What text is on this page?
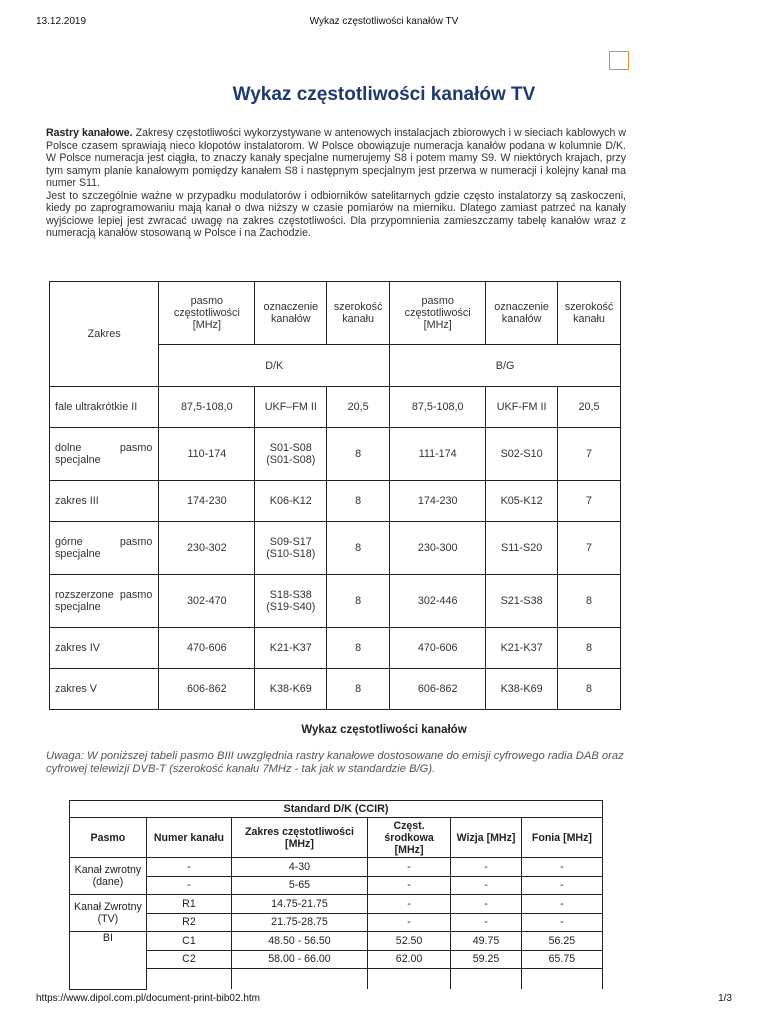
13.12.2019	Wykaz częstotliwości kanałów TV
Wykaz częstotliwości kanałów TV

Rastry kanałowe. Zakresy częstotliwości wykorzystywane w antenowych instalacjach zbiorowych i w sieciach kablowych w Polsce czasem sprawiają nieco kłopotów instalatorom. W Polsce obowiązuje numeracja kanałów podana w kolumnie D/K. W Polsce numeracja jest ciągła, to znaczy kanały specjalne numerujemy S8 i potem mamy S9. W niektórych krajach, przy tym samym planie kanałowym pomiędzy kanałem S8 i następnym specjalnym jest przerwa w numeracji i kolejny kanał ma numer S11.

Jest to szczególnie ważne w przypadku modulatorów i odbiorników satelitarnych gdzie często instalatorzy są zaskoczeni, kiedy po zaprogramowaniu mają kanał o dwa niższy w czasie pomiarów na mierniku. Dlatego zamiast patrzeć na kanały wyjściowe lepiej jest zwracać uwagę na zakres częstotliwości. Dla przypomnienia zamieszczamy tabelę kanałów wraz z numeracją kanałów stosowaną w Polsce i na Zachodzie.

Zakres	pasmo częstotliwości [MHz]	oznaczenie kanałów	szerokość kanału	pasmo częstotliwości [MHz]	oznaczenie kanałów	szerokość kanału
	D/K			B/G		
fale ultrakrótkie II	87,5-108,0	UKF–FM II	20,5	87,5-108,0	UKF-FM II	20,5
dolne pasmo specjalne	110-174	S01-S08 (S01-S08)	8	111-174	S02-S10	7
zakres III	174-230	K06-K12	8	174-230	K05-K12	7
górne pasmo specjalne	230-302	S09-S17 (S10-S18)	8	230-300	S11-S20	7
rozszerzone pasmo specjalne	302-470	S18-S38 (S19-S40)	8	302-446	S21-S38	8
zakres IV	470-606	K21-K37	8	470-606	K21-K37	8
zakres V	606-862	K38-K69	8	606-862	K38-K69	8
Wykaz częstotliwości kanałów

Uwaga: W poniższej tabeli pasmo BIII uwzględnia rastry kanałowe dostosowane do emisji cyfrowego radia DAB oraz cyfrowej telewizji DVB-T (szerokość kanału 7MHz - tak jak w standardzie B/G).

Standard D/K (CCIR)					
Pasmo	Numer kanału	Zakres częstotliwości [MHz]	Częst. środkowa [MHz]	Wizja [MHz]	Fonia [MHz]
Kanał zwrotny (dane)	-	4-30	-	-	-
	-	5-65	-	-	-
Kanał Zwrotny (TV)	R1	14.75-21.75	-	-	-
	R2	21.75-28.75	-	-	-
BI	C1	48.50 - 56.50	52.50	49.75	56.25
	C2	58.00 - 66.00	62.00	59.25	65.75

https://www.dipol.com.pl/document-print-bib02.htm	1/3
